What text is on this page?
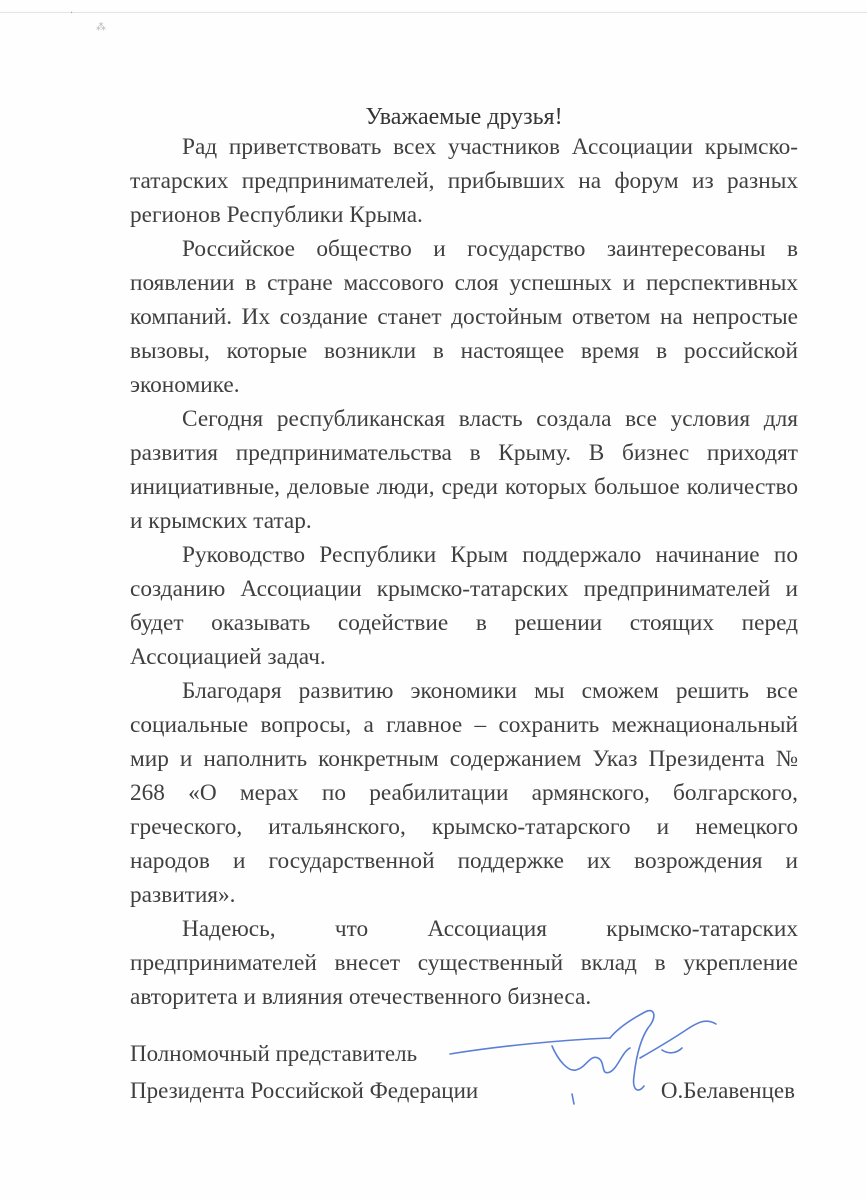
·
⁂
Уважаемые друзья!

Рад приветствовать всех участников Ассоциации крымско-татарских предпринимателей, прибывших на форум из разных регионов Республики Крыма.

Российское общество и государство заинтересованы в появлении в стране массового слоя успешных и перспективных компаний. Их создание станет достойным ответом на непростые вызовы, которые возникли в настоящее время в российской экономике.

Сегодня республиканская власть создала все условия для развития предпринимательства в Крыму. В бизнес приходят инициативные, деловые люди, среди которых большое количество и крымских татар.

Руководство Республики Крым поддержало начинание по созданию Ассоциации крымско-татарских предпринимателей и будет оказывать содействие в решении стоящих перед Ассоциацией задач.

Благодаря развитию экономики мы сможем решить все социальные вопросы, а главное – сохранить межнациональный мир и наполнить конкретным содержанием Указ Президента № 268 «О мерах по реабилитации армянского, болгарского, греческого, итальянского, крымско-татарского и немецкого народов и государственной поддержке их возрождения и развития».

Надеюсь, что Ассоциация крымско-татарских предпринимателей внесет существенный вклад в укрепление авторитета и влияния отечественного бизнеса.

Полномочный представитель
Президента Российской Федерации	О.Белавенцев
